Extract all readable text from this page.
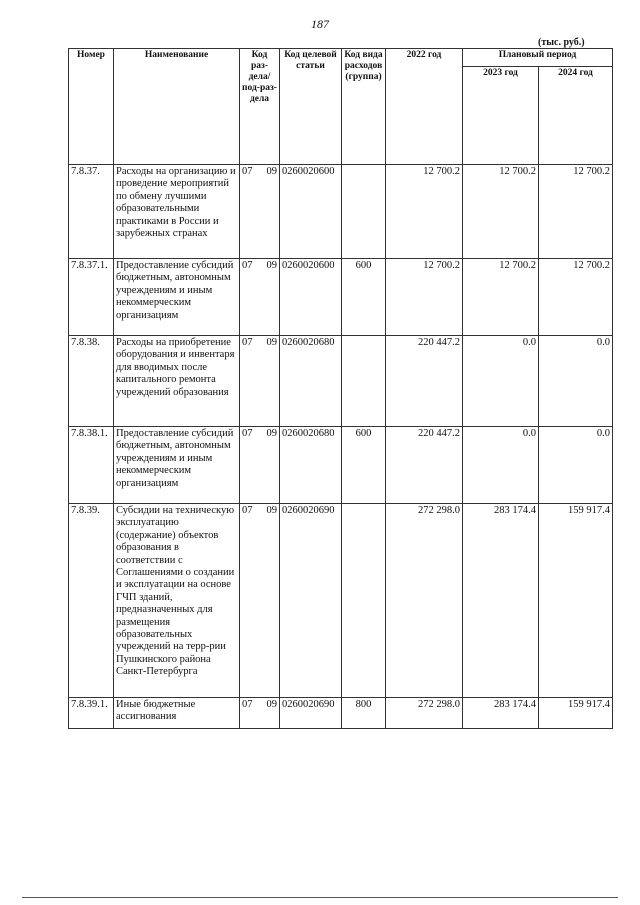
187
(тыс. руб.)
Номер	Наименование	Код раз-дела/ под-раз-дела	Код целевой статьи	Код вида расходов (группа)	2022 год	Плановый период	
						2023 год	2024 год
7.8.37.	Расходы на организацию и проведение мероприятий по обмену лучшими образовательными практиками в России и зарубежных странах	07 09	0260020600		12 700.2	12 700.2	12 700.2
7.8.37.1.	Предоставление субсидий бюджетным, автономным учреждениям и иным некоммерческим организациям	07 09	0260020600	600	12 700.2	12 700.2	12 700.2
7.8.38.	Расходы на приобретение оборудования и инвентаря для вводимых после капитального ремонта учреждений образования	07 09	0260020680		220 447.2	0.0	0.0
7.8.38.1.	Предоставление субсидий бюджетным, автономным учреждениям и иным некоммерческим организациям	07 09	0260020680	600	220 447.2	0.0	0.0
7.8.39.	Субсидии на техническую эксплуатацию (содержание) объектов образования в соответствии с Соглашениями о создании и эксплуатации на основе ГЧП зданий, предназначенных для размещения образовательных учреждений на терр-рии Пушкинского района Санкт-Петербурга	07 09	0260020690		272 298.0	283 174.4	159 917.4
7.8.39.1.	Иные бюджетные ассигнования	07 09	0260020690	800	272 298.0	283 174.4	159 917.4
